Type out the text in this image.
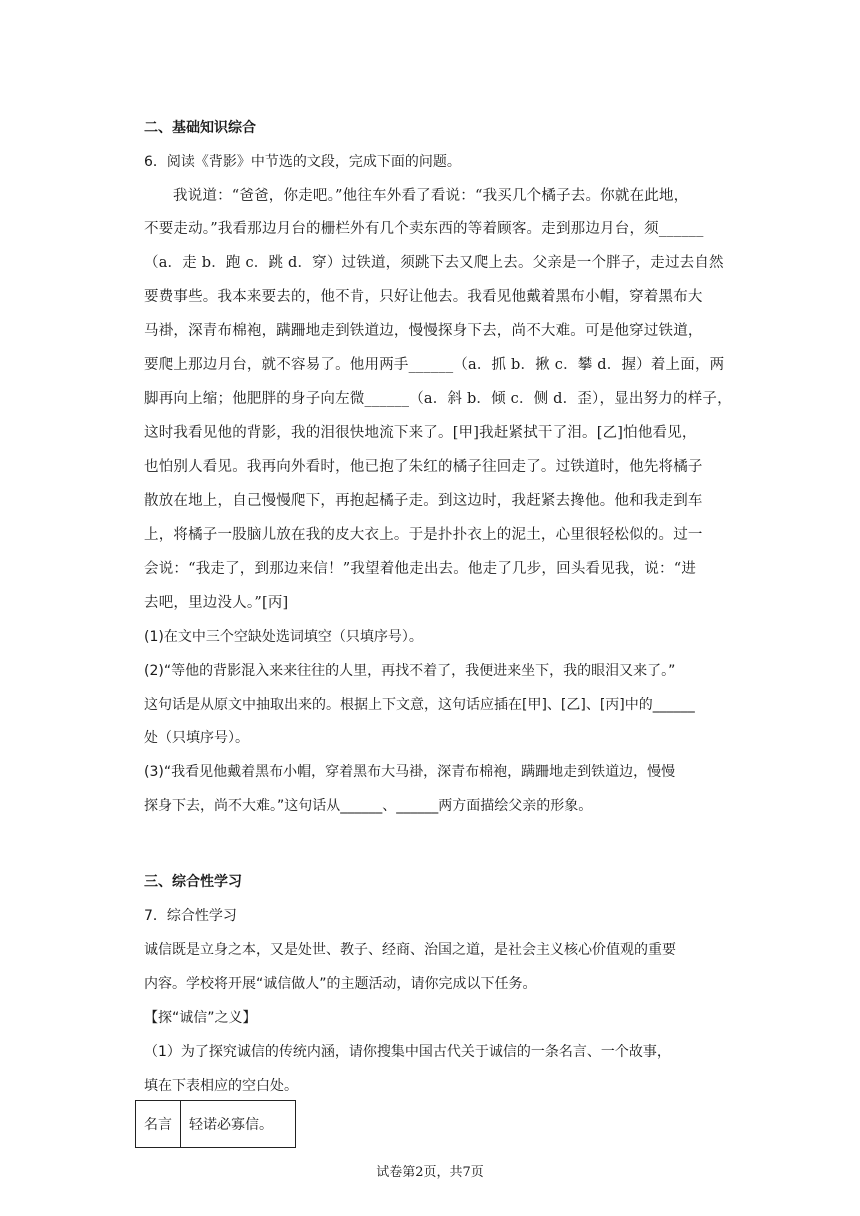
二、基础知识综合
6．阅读《背影》中节选的文段，完成下面的问题。
我说道：“爸爸，你走吧。”他往车外看了看说：“我买几个橘子去。你就在此地，
不要走动。”我看那边月台的栅栏外有几个卖东西的等着顾客。走到那边月台，须______
（a．走 b．跑 c．跳 d．穿）过铁道，须跳下去又爬上去。父亲是一个胖子，走过去自然
要费事些。我本来要去的，他不肯，只好让他去。我看见他戴着黑布小帽，穿着黑布大
马褂，深青布棉袍，蹒跚地走到铁道边，慢慢探身下去，尚不大难。可是他穿过铁道，
要爬上那边月台，就不容易了。他用两手______（a．抓 b．揪 c．攀 d．握）着上面，两
脚再向上缩；他肥胖的身子向左微______（a．斜 b．倾 c．侧 d．歪），显出努力的样子，
这时我看见他的背影，我的泪很快地流下来了。[甲]我赶紧拭干了泪。[乙]怕他看见，
也怕别人看见。我再向外看时，他已抱了朱红的橘子往回走了。过铁道时，他先将橘子
散放在地上，自己慢慢爬下，再抱起橘子走。到这边时，我赶紧去搀他。他和我走到车
上，将橘子一股脑儿放在我的皮大衣上。于是扑扑衣上的泥土，心里很轻松似的。过一
会说：“我走了，到那边来信！”我望着他走出去。他走了几步，回头看见我，说：“进
去吧，里边没人。”[丙]
(1)在文中三个空缺处选词填空（只填序号）。
(2)“等他的背影混入来来往往的人里，再找不着了，我便进来坐下，我的眼泪又来了。”
这句话是从原文中抽取出来的。根据上下文意，这句话应插在[甲]、[乙]、[丙]中的______
处（只填序号）。
(3)“我看见他戴着黑布小帽，穿着黑布大马褂，深青布棉袍，蹒跚地走到铁道边，慢慢
探身下去，尚不大难。”这句话从______、______两方面描绘父亲的形象。
三、综合性学习
7．综合性学习
诚信既是立身之本，又是处世、教子、经商、治国之道，是社会主义核心价值观的重要
内容。学校将开展“诚信做人”的主题活动，请你完成以下任务。
【探“诚信”之义】
（1）为了探究诚信的传统内涵，请你搜集中国古代关于诚信的一条名言、一个故事，
填在下表相应的空白处。
名言	轻诺必寡信。
试卷第2页，共7页
